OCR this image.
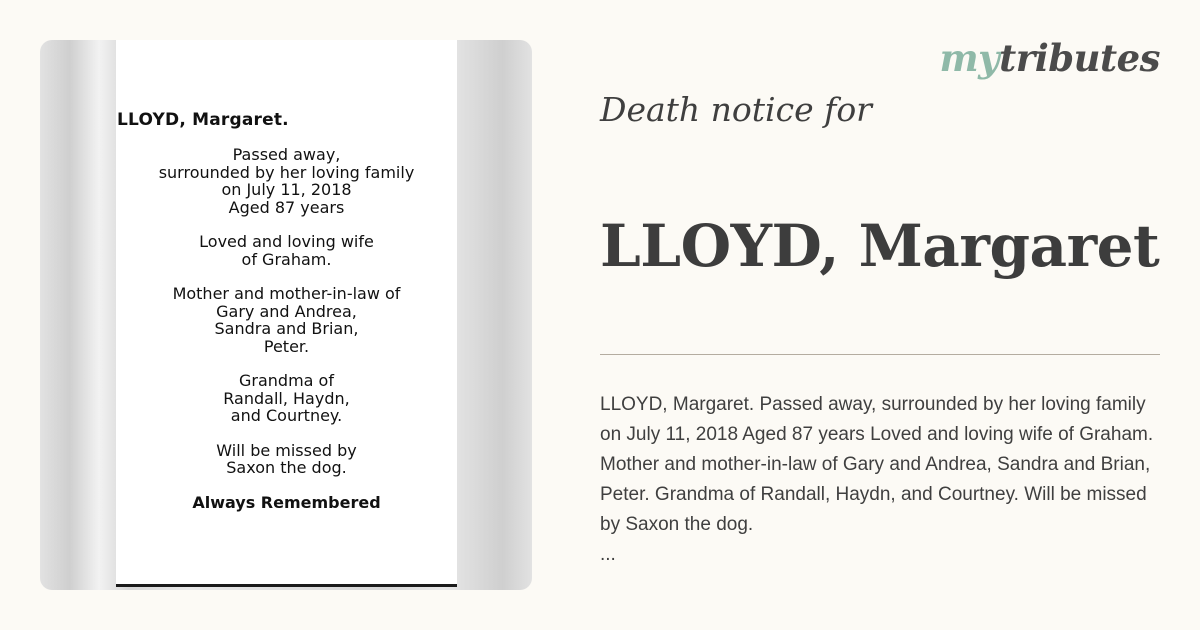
LLOYD, Margaret.
Passed away,
surrounded by her loving family
on July 11, 2018
Aged 87 years
Loved and loving wife
of Graham.
Mother and mother-in-law of
Gary and Andrea,
Sandra and Brian,
Peter.
Grandma of
Randall, Haydn,
and Courtney.
Will be missed by
Saxon the dog.
Always Remembered
mytributes
Death notice for
LLOYD, Margaret
LLOYD, Margaret. Passed away, surrounded by her loving family on July 11, 2018 Aged 87 years Loved and loving wife of Graham. Mother and mother-in-law of Gary and Andrea, Sandra and Brian, Peter. Grandma of Randall, Haydn, and Courtney. Will be missed by Saxon the dog.
...
